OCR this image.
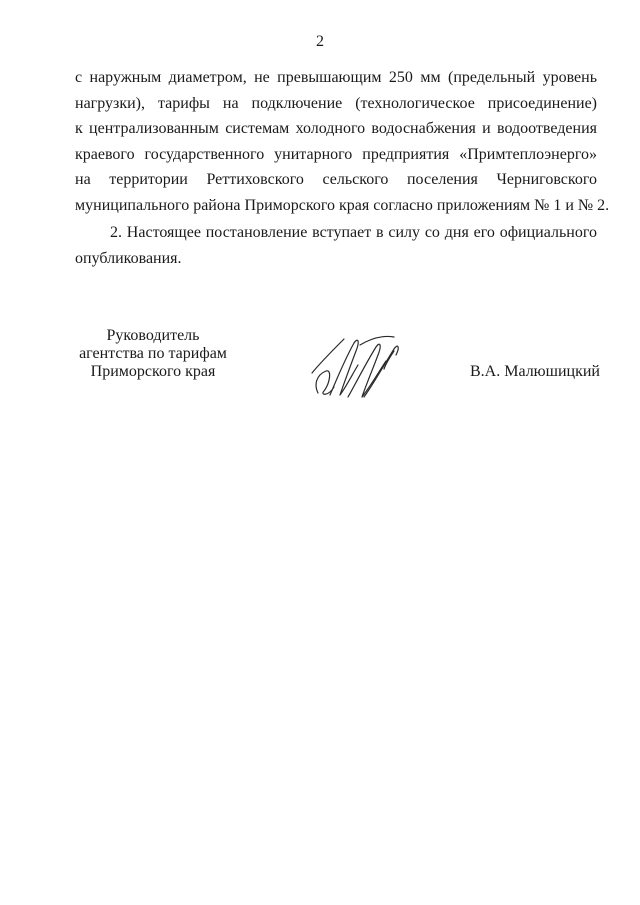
2
с наружным диаметром, не превышающим 250 мм (предельный уровень
нагрузки), тарифы на подключение (технологическое присоединение)
к централизованным системам холодного водоснабжения и водоотведения
краевого государственного унитарного предприятия «Примтеплоэнерго»
на территории Реттиховского сельского поселения Черниговского
муниципального района Приморского края согласно приложениям № 1 и № 2.
2. Настоящее постановление вступает в силу со дня его официального
опубликования.
Руководитель
агентства по тарифам
Приморского края	В.А. Малюшицкий
